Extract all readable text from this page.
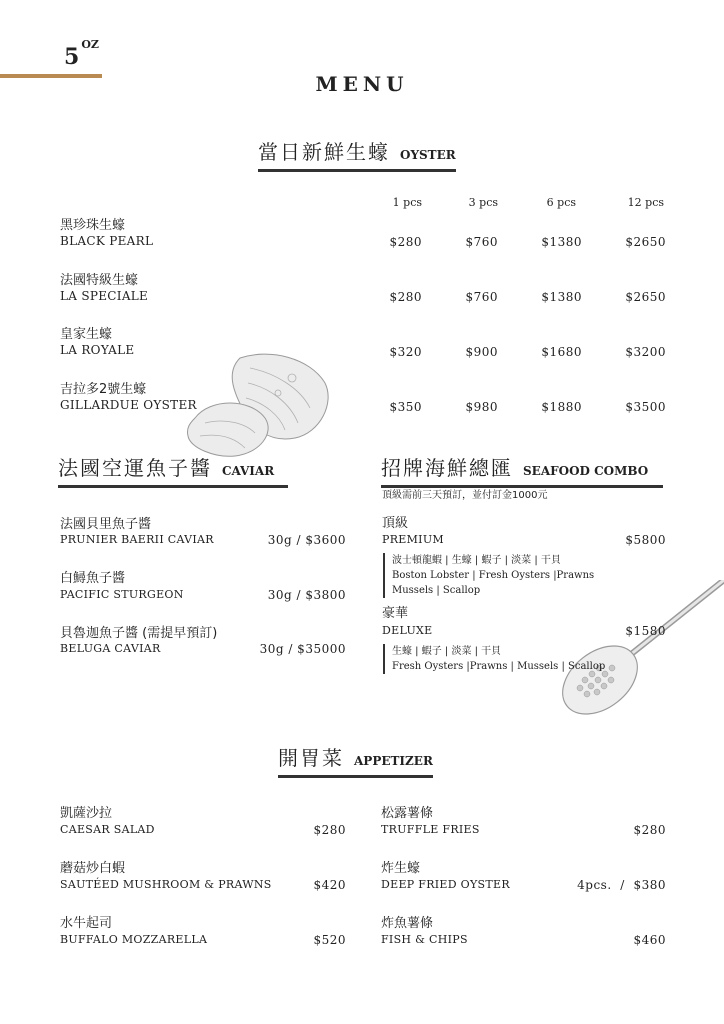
5 $^{OZ}$
MENU
當日新鮮生蠔 OYSTER
1 pcs	3 pcs	6 pcs	12 pcs
黑珍珠生蠔
BLACK PEARL	$280	$760	$1380	$2650
法國特級生蠔
LA SPECIALE	$280	$760	$1380	$2650
皇家生蠔
LA ROYALE	$320	$900	$1680	$3200
吉拉多2號生蠔
GILLARDUE OYSTER	$350	$980	$1880	$3500
法國空運魚子醬 CAVIAR
法國貝里魚子醬
PRUNIER BAERII CAVIAR	30g / $3600
白鱘魚子醬
PACIFIC STURGEON	30g / $3800
貝魯迦魚子醬 (需提早預訂)
BELUGA CAVIAR	30g / $35000
招牌海鮮總匯 SEAFOOD COMBO
頂級需前三天預訂，並付訂金1000元
頂級
PREMIUM	$5800
波士頓龍蝦 | 生蠔 | 蝦子 | 淡菜 | 干貝
Boston Lobster | Fresh Oysters |Prawns
Mussels | Scallop
豪華
DELUXE	$1580
生蠔 | 蝦子 | 淡菜 | 干貝
Fresh Oysters |Prawns | Mussels | Scallop
開胃菜 APPETIZER
凱薩沙拉
CAESAR SALAD	$280
蘑菇炒白蝦
SAUTÉED MUSHROOM & PRAWNS	$420
水牛起司
BUFFALO MOZZARELLA	$520
松露薯條
TRUFFLE FRIES	$280
炸生蠔
DEEP FRIED OYSTER	4pcs.  /  $380
炸魚薯條
FISH & CHIPS	$460
